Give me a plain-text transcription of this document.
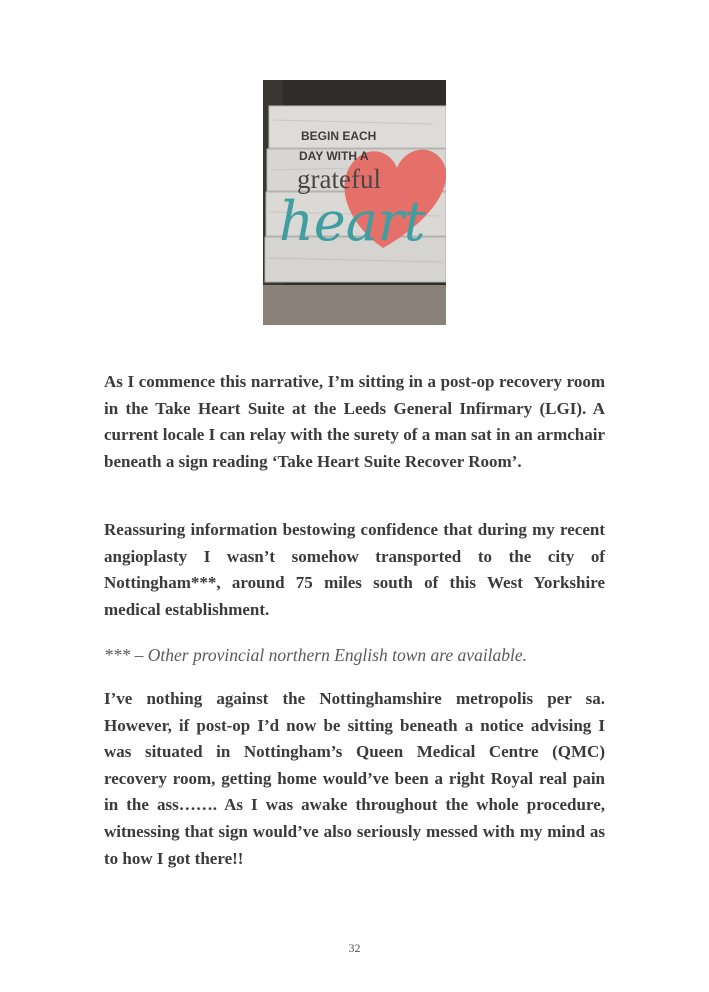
BEGIN EACH
DAY WITH A
grateful
heart
As I commence this narrative, I’m sitting in a post-op recovery room in the Take Heart Suite at the Leeds General Infirmary (LGI). A current locale I can relay with the surety of a man sat in an armchair beneath a sign reading ‘Take Heart Suite Recover Room’.
Reassuring information bestowing confidence that during my recent angioplasty I wasn’t somehow transported to the city of Nottingham***, around 75 miles south of this West Yorkshire medical establishment.
*** – Other provincial northern English town are available.
I’ve nothing against the Nottinghamshire metropolis per sa. However, if post-op I’d now be sitting beneath a notice advising I was situated in Nottingham’s Queen Medical Centre (QMC) recovery room, getting home would’ve been a right Royal real pain in the ass……. As I was awake throughout the whole procedure, witnessing that sign would’ve also seriously messed with my mind as to how I got there!!
32
